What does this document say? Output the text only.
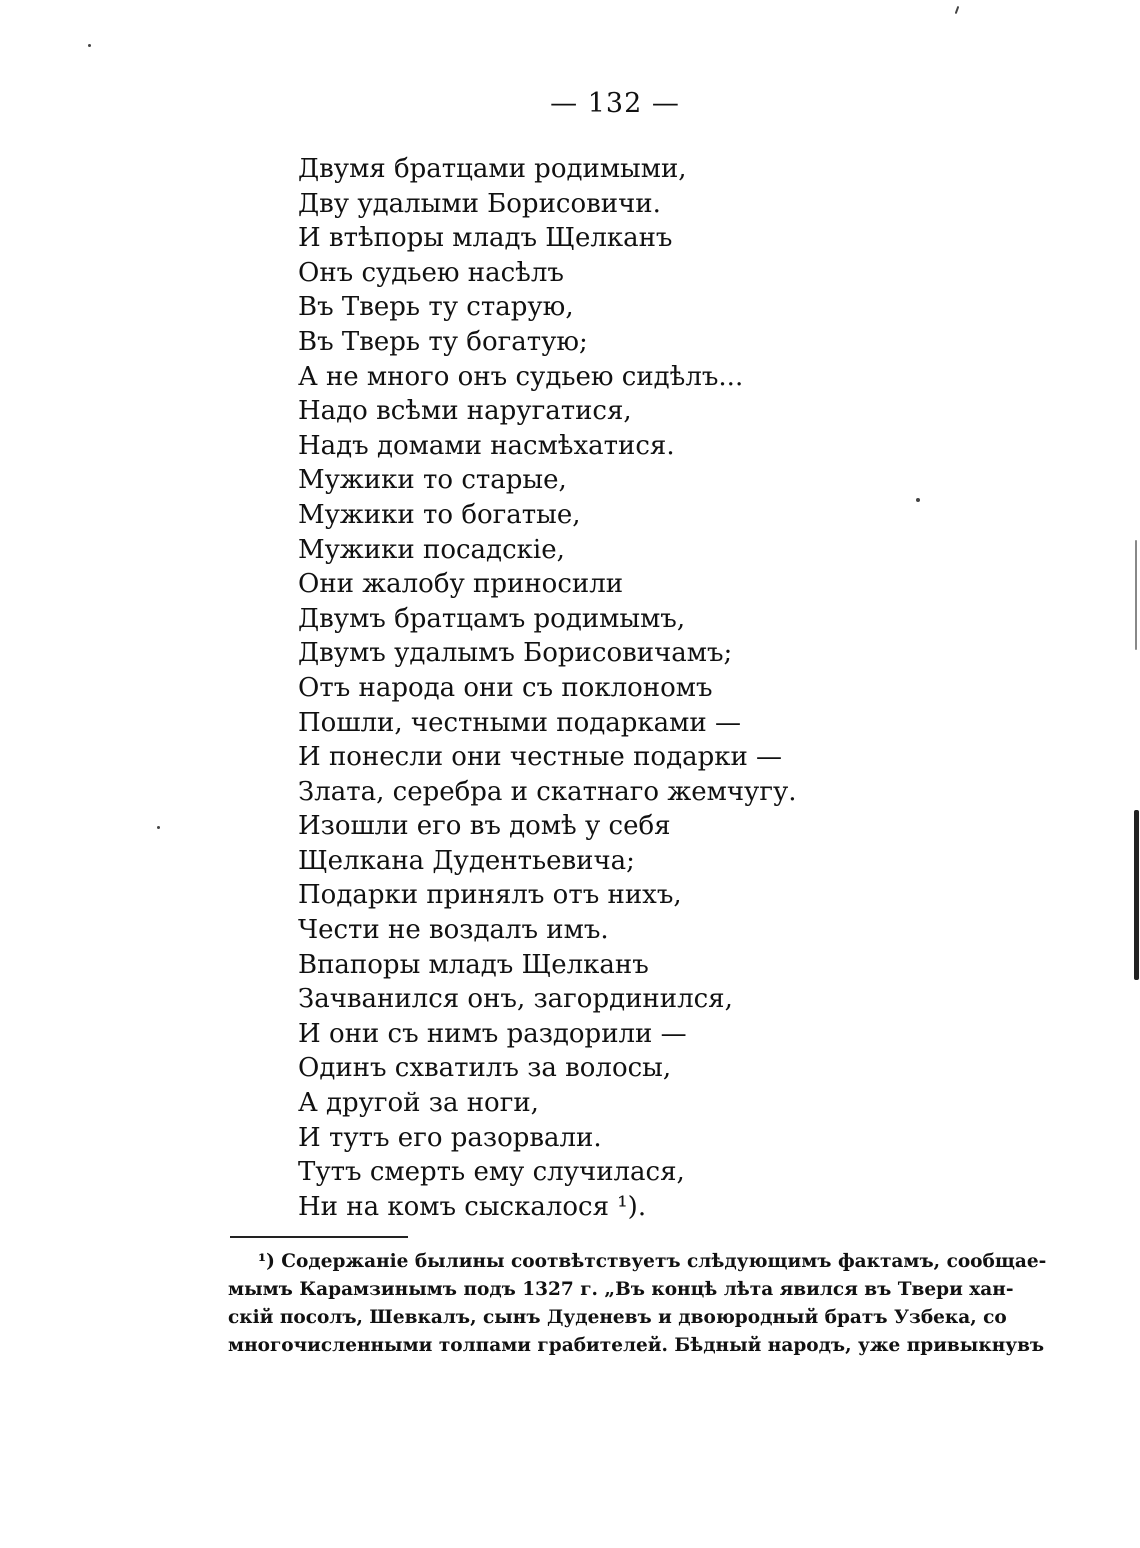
— 132 —
Двумя братцами родимыми,
Дву удалыми Борисовичи.
И втѣпоры младъ Щелканъ
Онъ судьею насѣлъ
Въ Тверь ту старую,
Въ Тверь ту богатую;
А не много онъ судьею сидѣлъ...
Надо всѣми наругатися,
Надъ домами насмѣхатися.
Мужики то старые,
Мужики то богатые,
Мужики посадскіе,
Они жалобу приносили
Двумъ братцамъ родимымъ,
Двумъ удалымъ Борисовичамъ;
Отъ народа они съ поклономъ
Пошли, честными подарками —
И понесли они честные подарки —
Злата, серебра и скатнаго жемчугу.
Изошли его въ домѣ у себя
Щелкана Дудентьевича;
Подарки принялъ отъ нихъ,
Чести не воздалъ имъ.
Впапоры младъ Щелканъ
Зачванился онъ, загординился,
И они съ нимъ раздорили —
Одинъ схватилъ за волосы,
А другой за ноги,
И тутъ его разорвали.
Тутъ смерть ему случилася,
Ни на комъ сыскалося ¹).
¹) Содержаніе былины соотвѣтствуетъ слѣдующимъ фактамъ, сообщае-
мымъ Карамзинымъ подъ 1327 г. „Въ концѣ лѣта явился въ Твери хан-
скій посолъ, Шевкалъ, сынъ Дуденевъ и двоюродный братъ Узбека, со
многочисленными толпами грабителей. Бѣдный народъ, уже привыкнувъ
